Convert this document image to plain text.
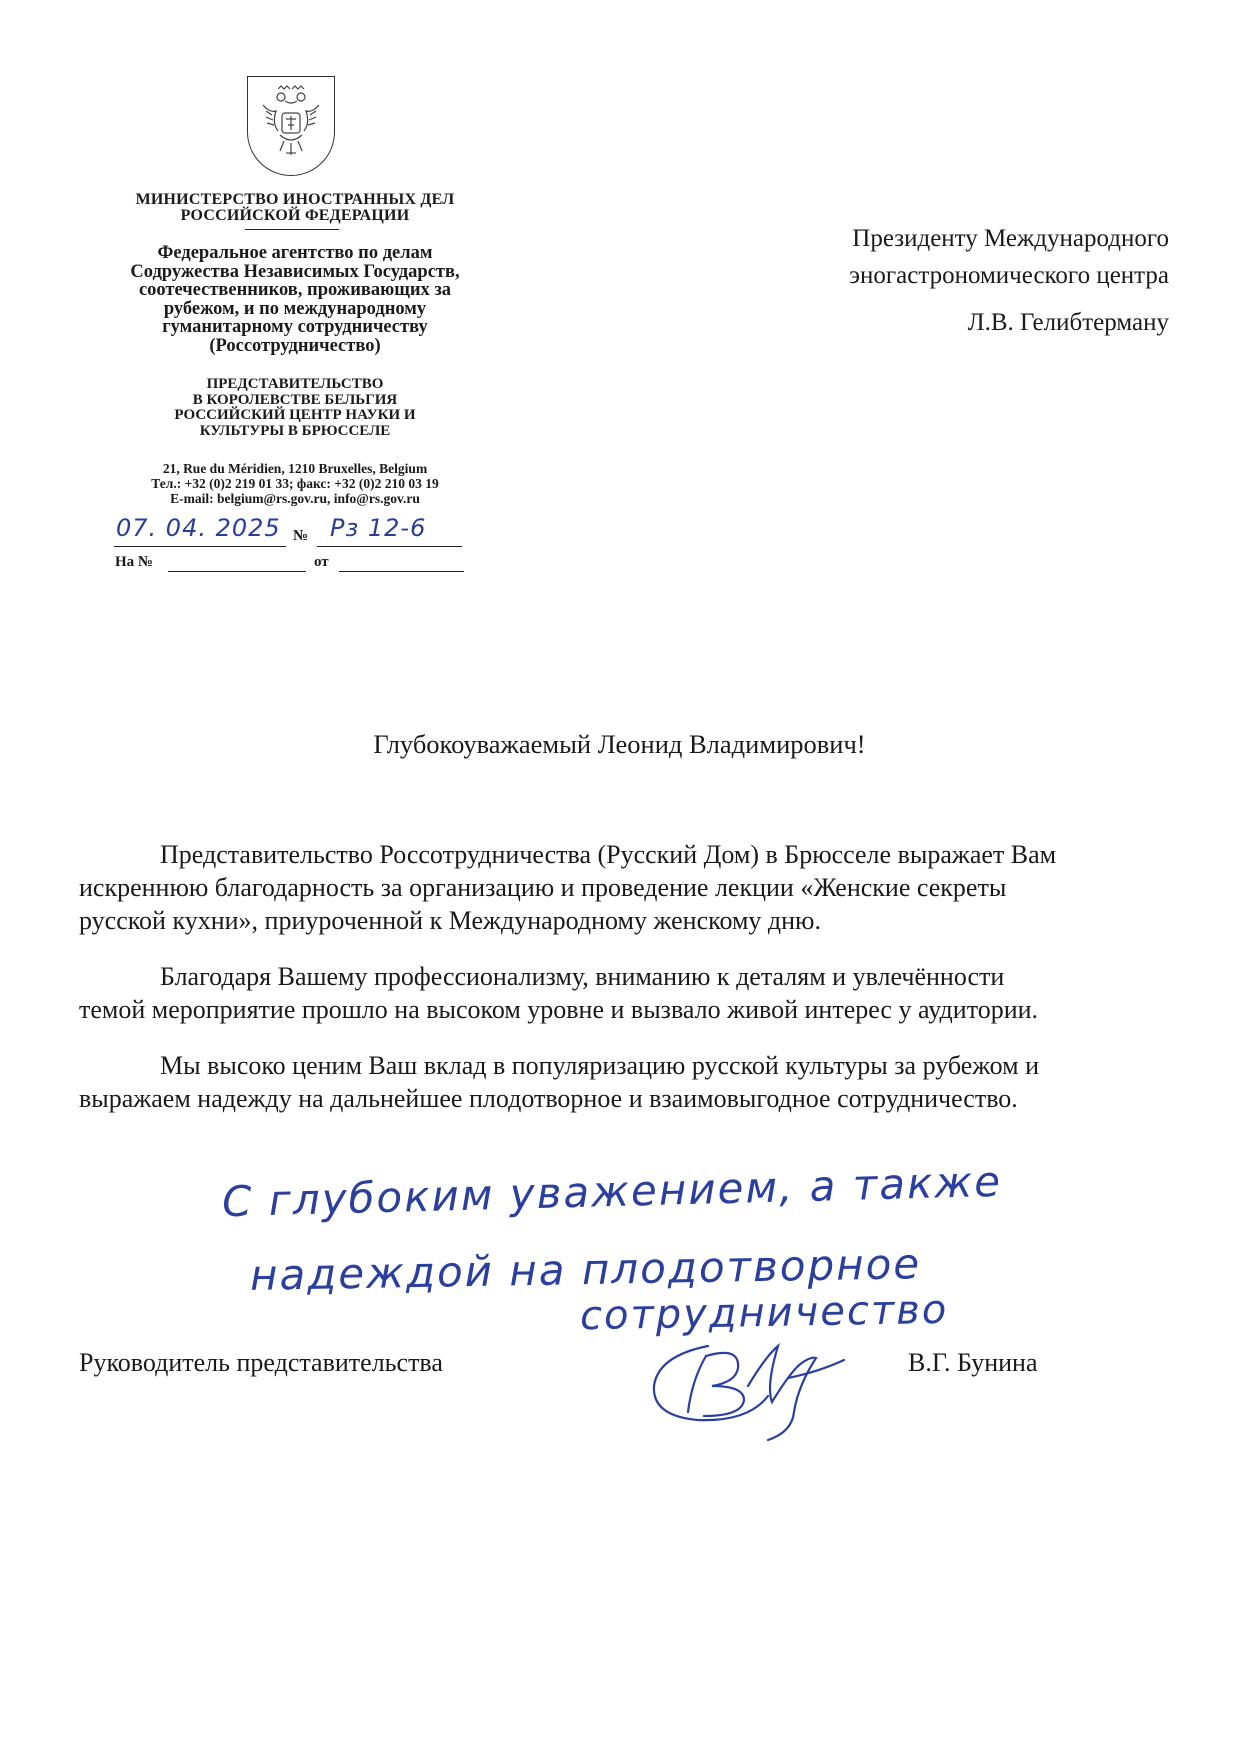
МИНИСТЕРСТВО ИНОСТРАННЫХ ДЕЛ
РОССИЙСКОЙ ФЕДЕРАЦИИ
Федеральное агентство по делам
Содружества Независимых Государств,
соотечественников, проживающих за
рубежом, и по международному
гуманитарному сотрудничеству
(Россотрудничество)
ПРЕДСТАВИТЕЛЬСТВО
В КОРОЛЕВСТВЕ БЕЛЬГИЯ
РОССИЙСКИЙ ЦЕНТР НАУКИ И
КУЛЬТУРЫ В БРЮССЕЛЕ
21, Rue du Méridien, 1210 Bruxelles, Belgium
Тел.: +32 (0)2 219 01 33; факс: +32 (0)2 210 03 19
E-mail: belgium@rs.gov.ru, info@rs.gov.ru
07. 04. 2025 № Рз 12-6
На №	от
Президенту Международного
эногастрономического центра
Л.В. Гелибтерману
Глубокоуважаемый Леонид Владимирович!
Представительство Россотрудничества (Русский Дом) в Брюсселе выражает Вам
искреннюю благодарность за организацию и проведение лекции «Женские секреты
русской кухни», приуроченной к Международному женскому дню.
Благодаря Вашему профессионализму, вниманию к деталям и увлечённости
темой мероприятие прошло на высоком уровне и вызвало живой интерес у аудитории.
Мы высоко ценим Ваш вклад в популяризацию русской культуры за рубежом и
выражаем надежду на дальнейшее плодотворное и взаимовыгодное сотрудничество.
С глубоким уважением, а также
надеждой на плодотворное
сотрудничество
Руководитель представительства	В.Г. Бунина
